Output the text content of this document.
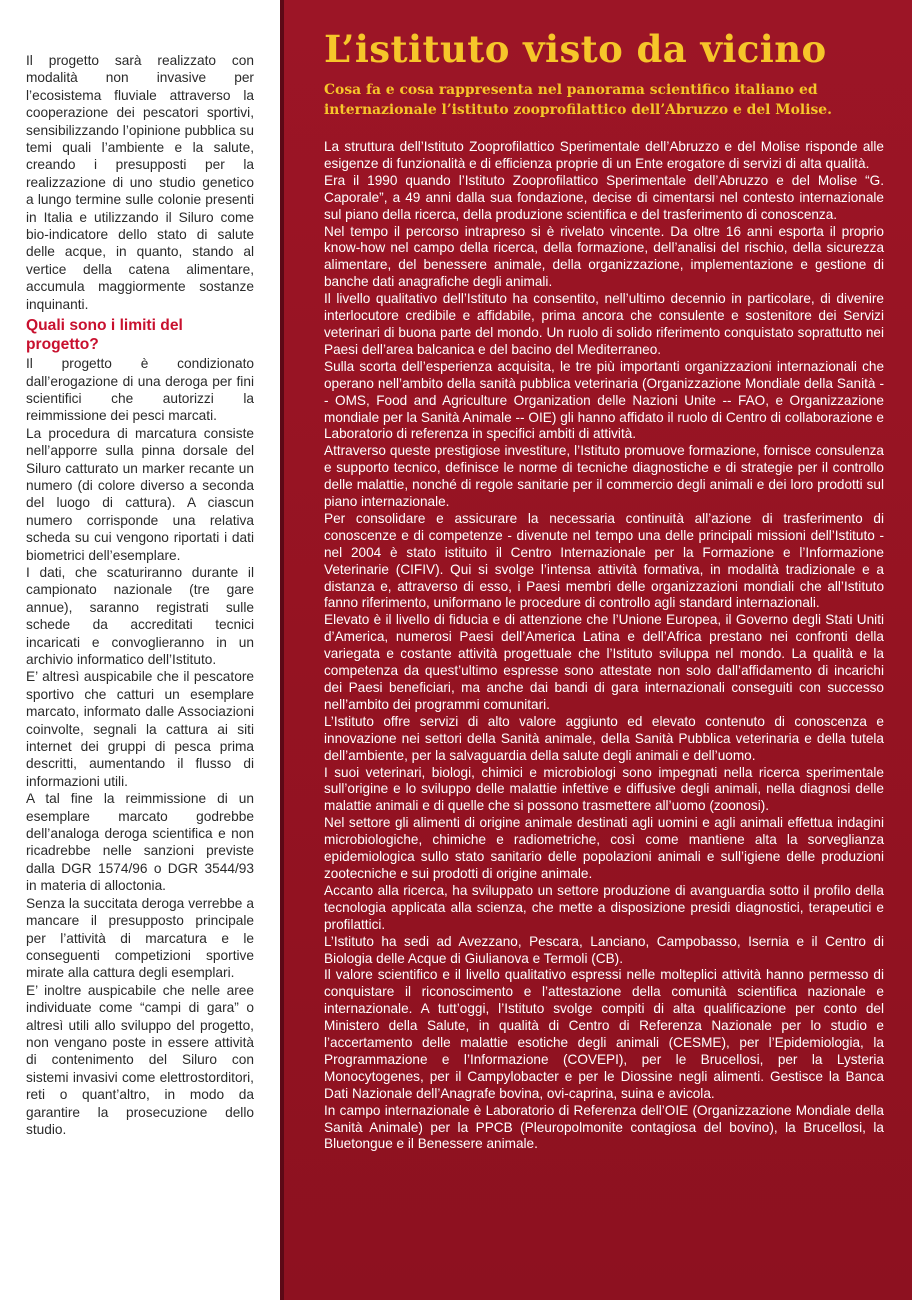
Il progetto sarà realizzato con modalità non invasive per l’ecosistema fluviale attraverso la cooperazione dei pescatori sportivi, sensibilizzando l’opinione pubblica su temi quali l’ambiente e la salute, creando i presupposti per la realizzazione di uno studio genetico a lungo termine sulle colonie presenti in Italia e utilizzando il Siluro come bio-indicatore dello stato di salute delle acque, in quanto, stando al vertice della catena alimentare, accumula maggiormente sostanze inquinanti.

Quali sono i limiti del progetto?

Il progetto è condizionato dall’erogazione di una deroga per fini scientifici che autorizzi la reimmissione dei pesci marcati.

La procedura di marcatura consiste nell’apporre sulla pinna dorsale del Siluro catturato un marker recante un numero (di colore diverso a seconda del luogo di cattura). A ciascun numero corrisponde una relativa scheda su cui vengono riportati i dati biometrici dell’esemplare.

I dati, che scaturiranno durante il campionato nazionale (tre gare annue), saranno registrati sulle schede da accreditati tecnici incaricati e convoglieranno in un archivio informatico dell’Istituto.

E’ altresì auspicabile che il pescatore sportivo che catturi un esemplare marcato, informato dalle Associazioni coinvolte, segnali la cattura ai siti internet dei gruppi di pesca prima descritti, aumentando il flusso di informazioni utili.

A tal fine la reimmissione di un esemplare marcato godrebbe dell’analoga deroga scientifica e non ricadrebbe nelle sanzioni previste dalla DGR 1574/96 o DGR 3544/93 in materia di alloctonia.

Senza la succitata deroga verrebbe a mancare il presupposto principale per l’attività di marcatura e le conseguenti competizioni sportive mirate alla cattura degli esemplari.

E’ inoltre auspicabile che nelle aree individuate come “campi di gara” o altresì utili allo sviluppo del progetto, non vengano poste in essere attività di contenimento del Siluro con sistemi invasivi come elettrostorditori, reti o quant’altro, in modo da garantire la prosecuzione dello studio.

L’istituto visto da vicino
Cosa fa e cosa rappresenta nel panorama scientifico italiano ed
internazionale l’istituto zooprofilattico dell’Abruzzo e del Molise.

La struttura dell’Istituto Zooprofilattico Sperimentale dell’Abruzzo e del Molise risponde alle esigenze di funzionalità e di efficienza proprie di un Ente erogatore di servizi di alta qualità.

Era il 1990 quando l’Istituto Zooprofilattico Sperimentale dell’Abruzzo e del Molise “G. Caporale”, a 49 anni dalla sua fondazione, decise di cimentarsi nel contesto internazionale sul piano della ricerca, della produzione scientifica e del trasferimento di conoscenza.

Nel tempo il percorso intrapreso si è rivelato vincente. Da oltre 16 anni esporta il proprio know-how nel campo della ricerca, della formazione, dell’analisi del rischio, della sicurezza alimentare, del benessere animale, della organizzazione, implementazione e gestione di banche dati anagrafiche degli animali.

Il livello qualitativo dell’Istituto ha consentito, nell’ultimo decennio in particolare, di divenire interlocutore credibile e affidabile, prima ancora che consulente e sostenitore dei Servizi veterinari di buona parte del mondo. Un ruolo di solido riferimento conquistato soprattutto nei Paesi dell’area balcanica e del bacino del Mediterraneo.

Sulla scorta dell’esperienza acquisita, le tre più importanti organizzazioni internazionali che operano nell’ambito della sanità pubblica veterinaria (Organizzazione Mondiale della Sanità -- OMS, Food and Agriculture Organization delle Nazioni Unite -- FAO, e Organizzazione mondiale per la Sanità Animale -- OIE) gli hanno affidato il ruolo di Centro di collaborazione e Laboratorio di referenza in specifici ambiti di attività.

Attraverso queste prestigiose investiture, l’Istituto promuove formazione, fornisce consulenza e supporto tecnico, definisce le norme di tecniche diagnostiche e di strategie per il controllo delle malattie, nonché di regole sanitarie per il commercio degli animali e dei loro prodotti sul piano internazionale.

Per consolidare e assicurare la necessaria continuità all’azione di trasferimento di conoscenze e di competenze - divenute nel tempo una delle principali missioni dell’Istituto - nel 2004 è stato istituito il Centro Internazionale per la Formazione e l’Informazione Veterinarie (CIFIV). Qui si svolge l’intensa attività formativa, in modalità tradizionale e a distanza e, attraverso di esso, i Paesi membri delle organizzazioni mondiali che all’Istituto fanno riferimento, uniformano le procedure di controllo agli standard internazionali.

Elevato è il livello di fiducia e di attenzione che l’Unione Europea, il Governo degli Stati Uniti d’America, numerosi Paesi dell’America Latina e dell’Africa prestano nei confronti della variegata e costante attività progettuale che l’Istituto sviluppa nel mondo. La qualità e la competenza da quest’ultimo espresse sono attestate non solo dall’affidamento di incarichi dei Paesi beneficiari, ma anche dai bandi di gara internazionali conseguiti con successo nell’ambito dei programmi comunitari.

L’Istituto offre servizi di alto valore aggiunto ed elevato contenuto di conoscenza e innovazione nei settori della Sanità animale, della Sanità Pubblica veterinaria e della tutela dell’ambiente, per la salvaguardia della salute degli animali e dell’uomo.

I suoi veterinari, biologi, chimici e microbiologi sono impegnati nella ricerca sperimentale sull’origine e lo sviluppo delle malattie infettive e diffusive degli animali, nella diagnosi delle malattie animali e di quelle che si possono trasmettere all’uomo (zoonosi).

Nel settore gli alimenti di origine animale destinati agli uomini e agli animali effettua indagini microbiologiche, chimiche e radiometriche, così come mantiene alta la sorveglianza epidemiologica sullo stato sanitario delle popolazioni animali e sull’igiene delle produzioni zootecniche e sui prodotti di origine animale.

Accanto alla ricerca, ha sviluppato un settore produzione di avanguardia sotto il profilo della tecnologia applicata alla scienza, che mette a disposizione presidi diagnostici, terapeutici e profilattici.

L’Istituto ha sedi ad Avezzano, Pescara, Lanciano, Campobasso, Isernia e il Centro di Biologia delle Acque di Giulianova e Termoli (CB).

Il valore scientifico e il livello qualitativo espressi nelle molteplici attività hanno permesso di conquistare il riconoscimento e l’attestazione della comunità scientifica nazionale e internazionale. A tutt’oggi, l’Istituto svolge compiti di alta qualificazione per conto del Ministero della Salute, in qualità di Centro di Referenza Nazionale per lo studio e l’accertamento delle malattie esotiche degli animali (CESME), per l’Epidemiologia, la Programmazione e l’Informazione (COVEPI), per le Brucellosi, per la Lysteria Monocytogenes, per il Campylobacter e per le Diossine negli alimenti. Gestisce la Banca Dati Nazionale dell’Anagrafe bovina, ovi-caprina, suina e avicola.

In campo internazionale è Laboratorio di Referenza dell’OIE (Organizzazione Mondiale della Sanità Animale) per la PPCB (Pleuropolmonite contagiosa del bovino), la Brucellosi, la Bluetongue e il Benessere animale.
